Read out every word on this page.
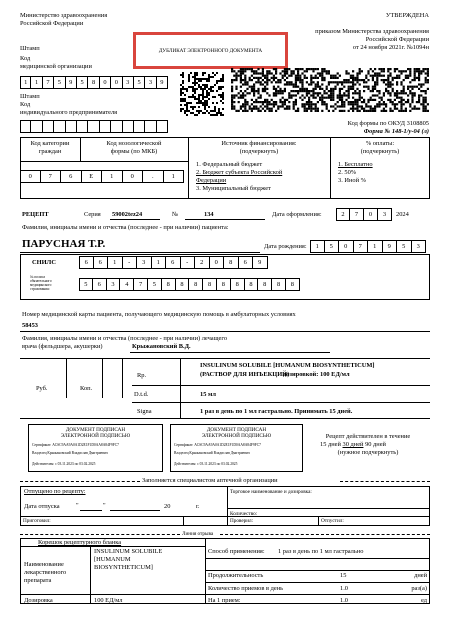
Министерство здравоохранения
Российской Федерации
УТВЕРЖДЕНА
приказом Министерства здравоохранения
Российской Федерации
от 24 ноября 2021г. №1094н
ДУБЛИКАТ ЭЛЕКТРОННОГО ДОКУМЕНТА
Штамп
Код
медицинской организации
1	1	7	5	9	5	8	0	0	3	5	3	9
Штамп
Код
индивидуального предпринимателя
Код формы по ОКУД 3108805
Форма № 148-1/у-04 (л)
Код категории
граждан
Код нозологической
формы (по МКБ)
0	7	6	Е	1	0	.	1
Источник финансирования:
(подчеркнуть)
1. Федеральный бюджет
2. Бюджет субъекта Российской
Федерации
3. Муниципальный бюджет
% оплаты:
(подчеркнуть)
1. Бесплатно
2. 50%
3. Иной %
РЕЦЕПТ	Серия 59002tez24	№	134	Дата оформления:	2	7	0	3	2024
Фамилия, инициалы имени и отчества (последнее - при наличии) пациента:
ПАРУСНАЯ Т.Р.	Дата рождения:	1	5	0	7	1	9	5	3
СНИЛС	6	6	1	-	3	1	6	-	2	0	8	6	9
№ полиса
обязательного
медицинского
страхования:
5	6	3	4	7	5	8	8	8	8	8	8	8	8	8	8
Номер медицинской карты пациента, получающего медицинскую помощь в амбулаторных условиях
58453
Фамилия, инициалы имени и отчества (последнее - при наличии) лечащего
врача (фельдшера, акушерки)	Крыжановский В.Д.
Руб.	Коп.
Rp.
INSULINUM SOLUBILE [HUMANUM BIOSYNTHETICUM]
(РАСТВОР ДЛЯ ИНЪЕКЦИЙ)
дозировкой: 100 ЕД/мл
D.t.d.	15 мл
Signa	1 раз в день по 1 мл гастрально. Принимать 15 дней.
ДОКУМЕНТ ПОДПИСАН
ЭЛЕКТРОННОЙ ПОДПИСЬЮ
Сертификат: ACSC9AA9A0A1D2E1F1D0AA8A84F9FC7
Владелец Крыжановский Владислав Дмитриевич
Действителен: с 03.11.2023 по 03.02.2025
ДОКУМЕНТ ПОДПИСАН
ЭЛЕКТРОННОЙ ПОДПИСЬЮ
Сертификат: ACSC9AA9A0A1D2E1F1D0AA8A84F9FC7
Владелец Крыжановский Владислав Дмитриевич
Действителен: с 03.11.2023 по 03.02.2025
Рецепт действителен в течение
15 дней 30 дней 90 дней
(нужное подчеркнуть)
Заполняется специалистом аптечной организации
Отпущено по рецепту:	Торговое наименование и дозировка:
Дата отпуска	"	"	20	г.
Количество:
Приготовил:	Проверил:	Отпустил:
Линия отрыва
Корешок рецептурного бланка
Наименование
лекарственного
препарата
INSULINUM SOLUBILE
[HUMANUM
BIOSYNTHETICUM]
Дозировка	100 ЕД/мл
Способ применения: 1 раз в день по 1 мл гастрально
Продолжительность	15	дней
Количество приемов в день	1.0	раз(а)
На 1 прием:	1.0	ед
